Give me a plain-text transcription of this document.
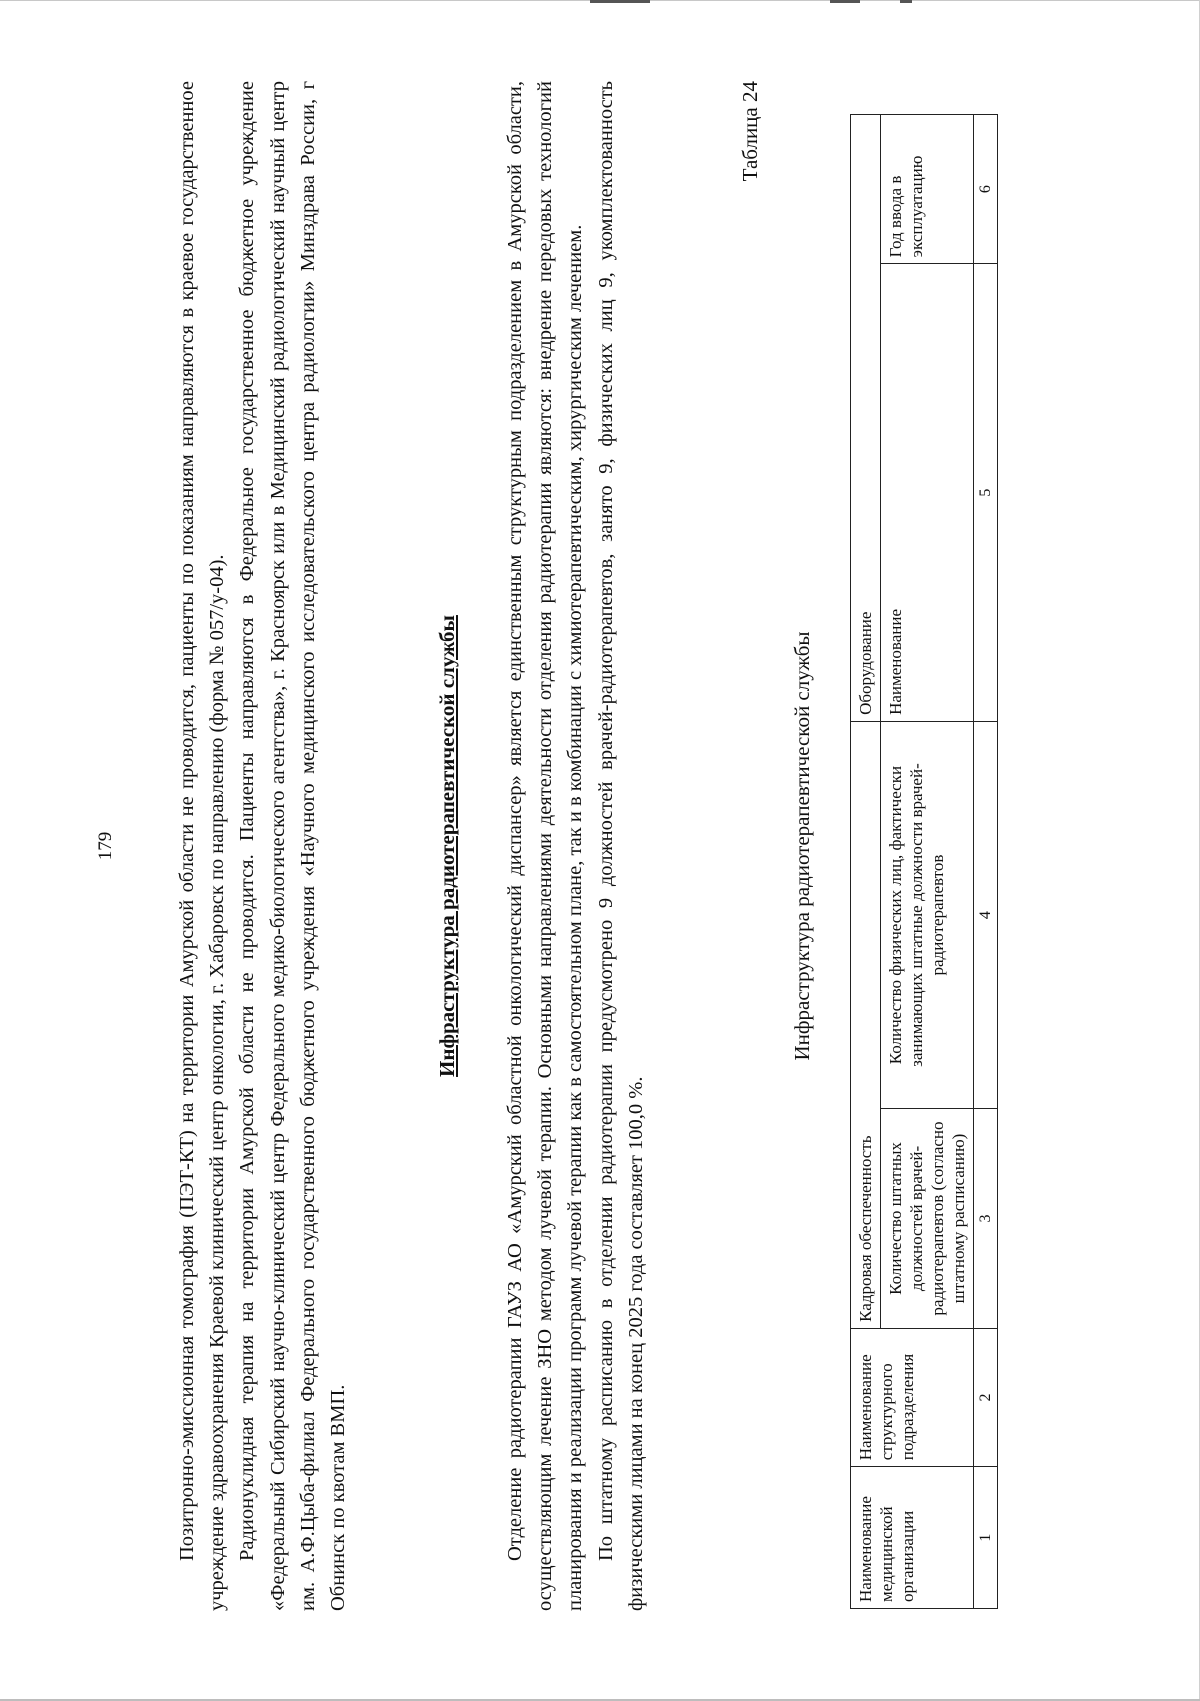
179	Позитронно-эмиссионная томография (ПЭТ-КТ) на территории Амурской области не проводится, пациенты по показаниям направляются в краевое государственное учреждение здравоохранения Краевой клинический центр онкологии, г. Хабаровск по направлению (форма № 057/у-04). Радионуклидная терапия на территории Амурской области не проводится. Пациенты направляются в Федеральное государственное бюджетное учреждение «Федеральный Сибирский научно-клинический центр Федерального медико-биологического агентства», г. Красноярск или в Медицинский радиологический научный центр им. А.Ф.Цыба-филиал Федерального государственного бюджетного учреждения «Научного медицинского исследовательского центра радиологии» Минздрава России, г Обнинск по квотам ВМП.

Инфраструктура радиотерапевтической службы Отделение радиотерапии ГАУЗ АО «Амурский областной онкологический диспансер» является единственным структурным подразделением в Амурской области, осуществляющим лечение ЗНО методом лучевой терапии. Основными направлениями деятельности отделения радиотерапии являются: внедрение передовых технологий планирования и реализации программ лучевой терапии как в самостоятельном плане, так и в комбинации с химиотерапевтическим, хирургическим лечением. По штатному расписанию в отделении радиотерапии предусмотрено 9 должностей врачей-радиотерапевтов, занято 9, физических лиц 9, укомплектованность физическими лицами на конец 2025 года составляет 100,0 %.

Таблица 24

Инфраструктура радиотерапевтической службы

Наименование медицинской организации	Наименование структурного подразделения	Кадровая обеспеченность		Оборудование	
		Количество штатных должностей врачей-радиотерапевтов (согласно штатному расписанию)	Количество физических лиц, фактически занимающих штатные должности врачей-радиотерапевтов	Наименование	Год ввода в эксплуатацию
1	2	3	4	5	6
